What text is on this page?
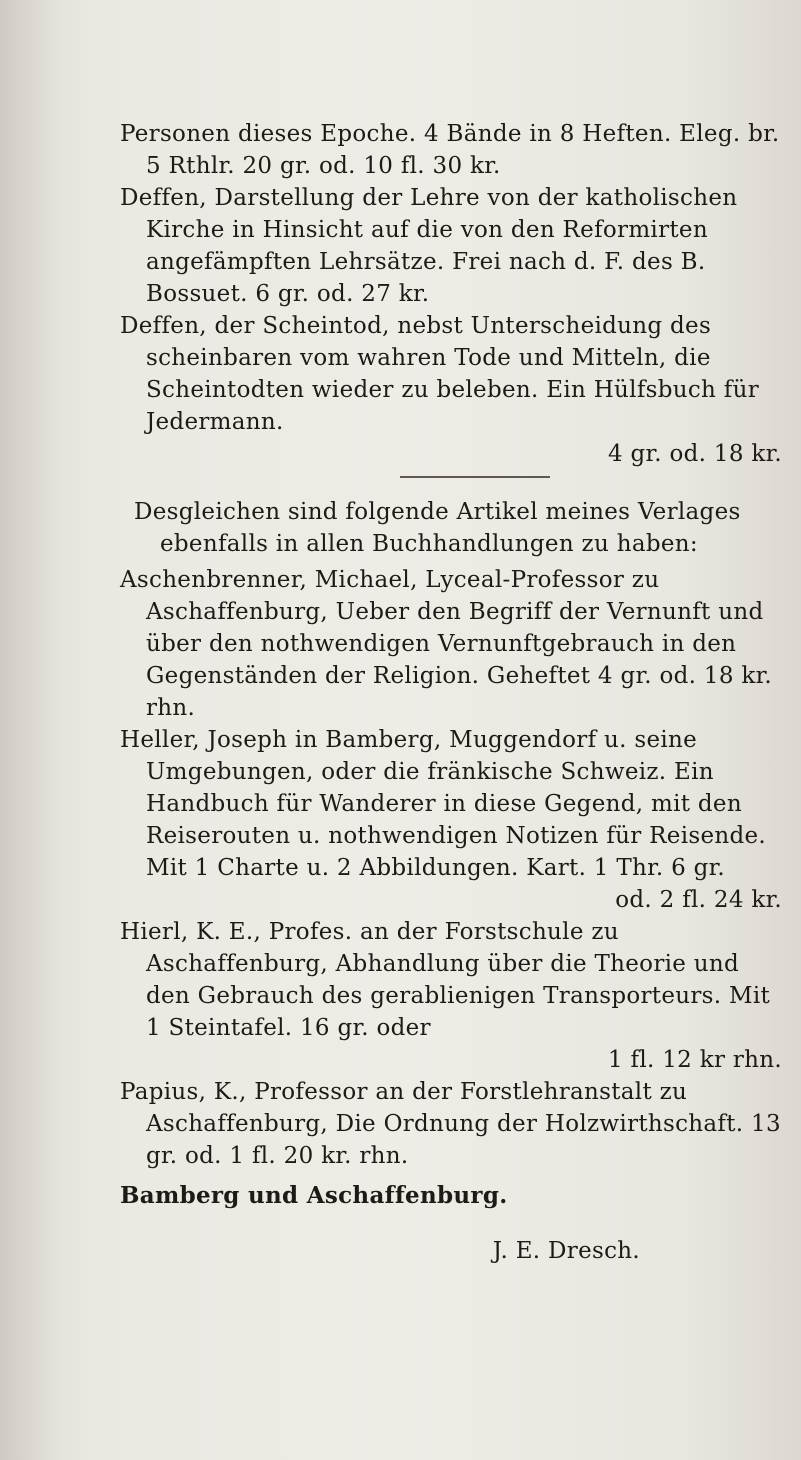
Personen dieses Epoche. 4 Bände in 8 Heften. Eleg. br. 5 Rthlr. 20 gr. od. 10 fl. 30 kr.

Deffen, Darstellung der Lehre von der katholischen Kirche in Hinsicht auf die von den Reformirten angefämpften Lehrsätze. Frei nach d. F. des B. Bossuet. 6 gr. od. 27 kr.

Deffen, der Scheintod, nebst Unterscheidung des scheinbaren vom wahren Tode und Mitteln, die Scheintodten wieder zu beleben. Ein Hülfsbuch für Jedermann.
4 gr. od. 18 kr.

Desgleichen sind folgende Artikel meines Verlages ebenfalls in allen Buchhandlungen zu haben:

Aschenbrenner, Michael, Lyceal-Professor zu Aschaffenburg, Ueber den Begriff der Vernunft und über den nothwendigen Vernunftgebrauch in den Gegenständen der Religion. Geheftet 4 gr. od. 18 kr. rhn.

Heller, Joseph in Bamberg, Muggendorf u. seine Umgebungen, oder die fränkische Schweiz. Ein Handbuch für Wanderer in diese Gegend, mit den Reiserouten u. nothwendigen Notizen für Reisende. Mit 1 Charte u. 2 Abbildungen. Kart. 1 Thr. 6 gr.
od. 2 fl. 24 kr.

Hierl, K. E., Profes. an der Forstschule zu Aschaffenburg, Abhandlung über die Theorie und den Gebrauch des gerablienigen Transporteurs. Mit 1 Steintafel. 16 gr. oder
1 fl. 12 kr rhn.

Papius, K., Professor an der Forstlehranstalt zu Aschaffenburg, Die Ordnung der Holzwirthschaft. 13 gr. od. 1 fl. 20 kr. rhn.

Bamberg und Aschaffenburg.

J. E. Dresch.
